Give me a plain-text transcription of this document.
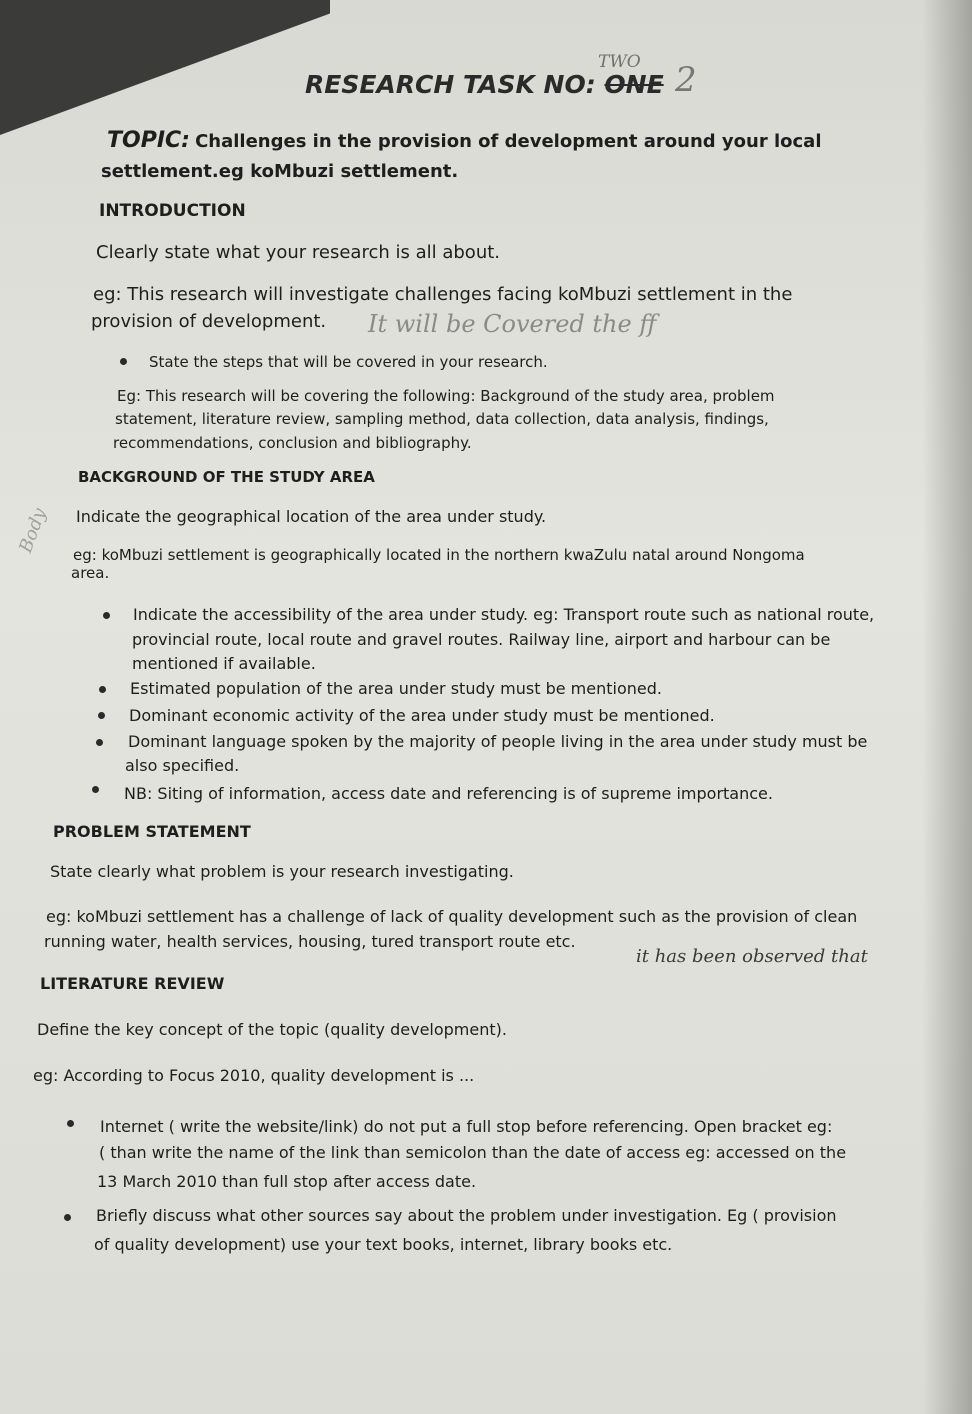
TWO
RESEARCH TASK NO: ONE 2
TOPIC: Challenges in the provision of development around your local
settlement.eg koMbuzi settlement.
INTRODUCTION
Clearly state what your research is all about.
eg: This research will investigate challenges facing koMbuzi settlement in the
provision of development. It will be Covered the ff
State the steps that will be covered in your research.
Eg: This research will be covering the following: Background of the study area, problem
statement, literature review, sampling method, data collection, data analysis, findings,
recommendations, conclusion and bibliography.
BACKGROUND OF THE STUDY AREA
Body Indicate the geographical location of the area under study.
eg: koMbuzi settlement is geographically located in the northern kwaZulu natal around Nongoma
area.
Indicate the accessibility of the area under study. eg: Transport route such as national route,
provincial route, local route and gravel routes. Railway line, airport and harbour can be
mentioned if available.
Estimated population of the area under study must be mentioned.
Dominant economic activity of the area under study must be mentioned.
Dominant language spoken by the majority of people living in the area under study must be
also specified.
NB: Siting of information, access date and referencing is of supreme importance.
PROBLEM STATEMENT
State clearly what problem is your research investigating.
eg: koMbuzi settlement has a challenge of lack of quality development such as the provision of clean
running water, health services, housing, tured transport route etc.
it has been observed that
LITERATURE REVIEW
Define the key concept of the topic (quality development).
eg: According to Focus 2010, quality development is ...
Internet ( write the website/link) do not put a full stop before referencing. Open bracket eg:
( than write the name of the link than semicolon than the date of access eg: accessed on the
13 March 2010 than full stop after access date.
Briefly discuss what other sources say about the problem under investigation. Eg ( provision
of quality development) use your text books, internet, library books etc.
